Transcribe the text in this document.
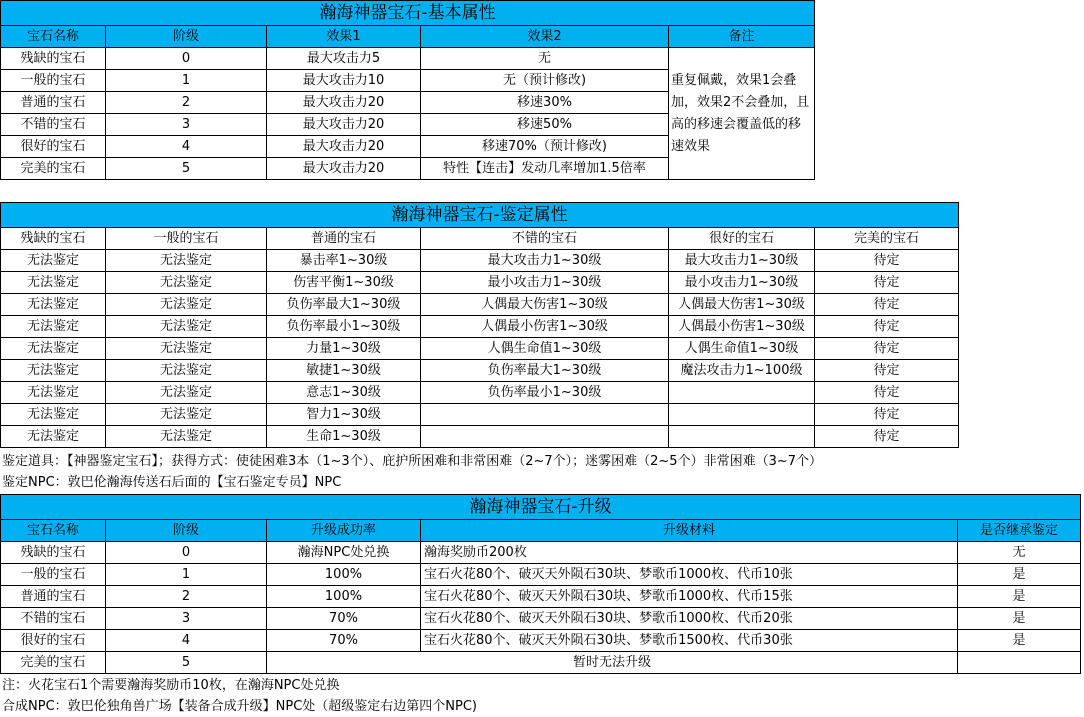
瀚海神器宝石-基本属性				
宝石名称	阶级	效果1	效果2	备注
残缺的宝石	0	最大攻击力5	无	重复佩戴，效果1会叠加，效果2不会叠加，且高的移速会覆盖低的移速效果
一般的宝石	1	最大攻击力10	无（预计修改)	
普通的宝石	2	最大攻击力20	移速30%	
不错的宝石	3	最大攻击力20	移速50%	
很好的宝石	4	最大攻击力20	移速70%（预计修改)	
完美的宝石	5	最大攻击力20	特性【连击】发动几率增加1.5倍率	
瀚海神器宝石-鉴定属性					
残缺的宝石	一般的宝石	普通的宝石	不错的宝石	很好的宝石	完美的宝石
无法鉴定	无法鉴定	暴击率1~30级	最大攻击力1~30级	最大攻击力1~30级	待定
无法鉴定	无法鉴定	伤害平衡1~30级	最小攻击力1~30级	最小攻击力1~30级	待定
无法鉴定	无法鉴定	负伤率最大1~30级	人偶最大伤害1~30级	人偶最大伤害1~30级	待定
无法鉴定	无法鉴定	负伤率最小1~30级	人偶最小伤害1~30级	人偶最小伤害1~30级	待定
无法鉴定	无法鉴定	力量1~30级	人偶生命值1~30级	人偶生命值1~30级	待定
无法鉴定	无法鉴定	敏捷1~30级	负伤率最大1~30级	魔法攻击力1~100级	待定
无法鉴定	无法鉴定	意志1~30级	负伤率最小1~30级		待定
无法鉴定	无法鉴定	智力1~30级			待定
无法鉴定	无法鉴定	生命1~30级			待定
鉴定道具：【神器鉴定宝石】；获得方式：使徒困难3本（1~3个）、庇护所困难和非常困难（2~7个）；迷雾困难（2~5个）非常困难（3~7个）
鉴定NPC：敦巴伦瀚海传送石后面的【宝石鉴定专员】NPC
瀚海神器宝石-升级				
宝石名称	阶级	升级成功率	升级材料	是否继承鉴定
残缺的宝石	0	瀚海NPC处兑换	瀚海奖励币200枚	无
一般的宝石	1	100%	宝石火花80个、破灭天外陨石30块、梦歌币1000枚、代币10张	是
普通的宝石	2	100%	宝石火花80个、破灭天外陨石30块、梦歌币1000枚、代币15张	是
不错的宝石	3	70%	宝石火花80个、破灭天外陨石30块、梦歌币1000枚、代币20张	是
很好的宝石	4	70%	宝石火花80个、破灭天外陨石30块、梦歌币1500枚、代币30张	是
完美的宝石	5	暂时无法升级		
注：火花宝石1个需要瀚海奖励币10枚，在瀚海NPC处兑换
合成NPC：敦巴伦独角兽广场【装备合成升级】NPC处（超级鉴定右边第四个NPC)
